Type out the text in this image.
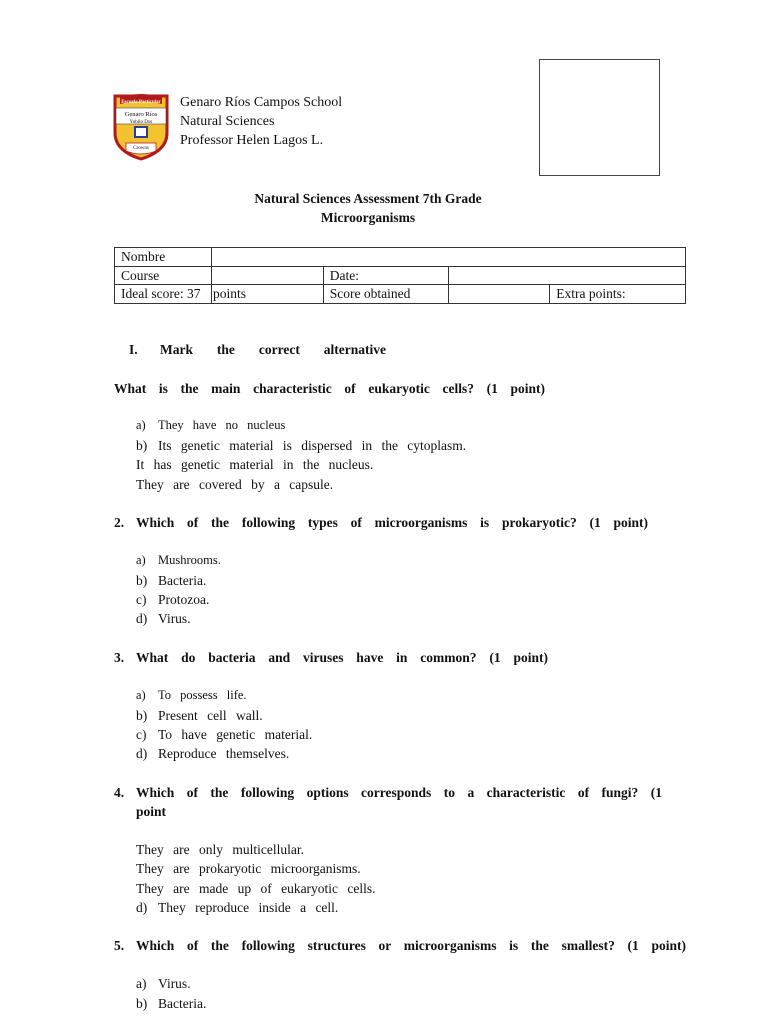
Escuela Particular
Genaro Ríos
Yobilo Dos
Crowns
Genaro Ríos Campos School
Natural Sciences
Professor Helen Lagos L.
Natural Sciences Assessment 7th Grade
Microorganisms
Nombre				
Course		Date:		
Ideal score: 37	points	Score obtained		Extra points:
I. Mark the correct alternative
What is the main characteristic of eukaryotic cells? (1 point)
a) They have no nucleus
b) Its genetic material is dispersed in the cytoplasm.
It has genetic material in the nucleus.
They are covered by a capsule.
2. Which of the following types of microorganisms is prokaryotic? (1 point)
a) Mushrooms.
b) Bacteria.
c) Protozoa.
d) Virus.
3. What do bacteria and viruses have in common? (1 point)
a) To possess life.
b) Present cell wall.
c) To have genetic material.
d) Reproduce themselves.
4. Which of the following options corresponds to a characteristic of fungi? (1
point
They are only multicellular.
They are prokaryotic microorganisms.
They are made up of eukaryotic cells.
d) They reproduce inside a cell.
5. Which of the following structures or microorganisms is the smallest? (1 point)
a) Virus.
b) Bacteria.
